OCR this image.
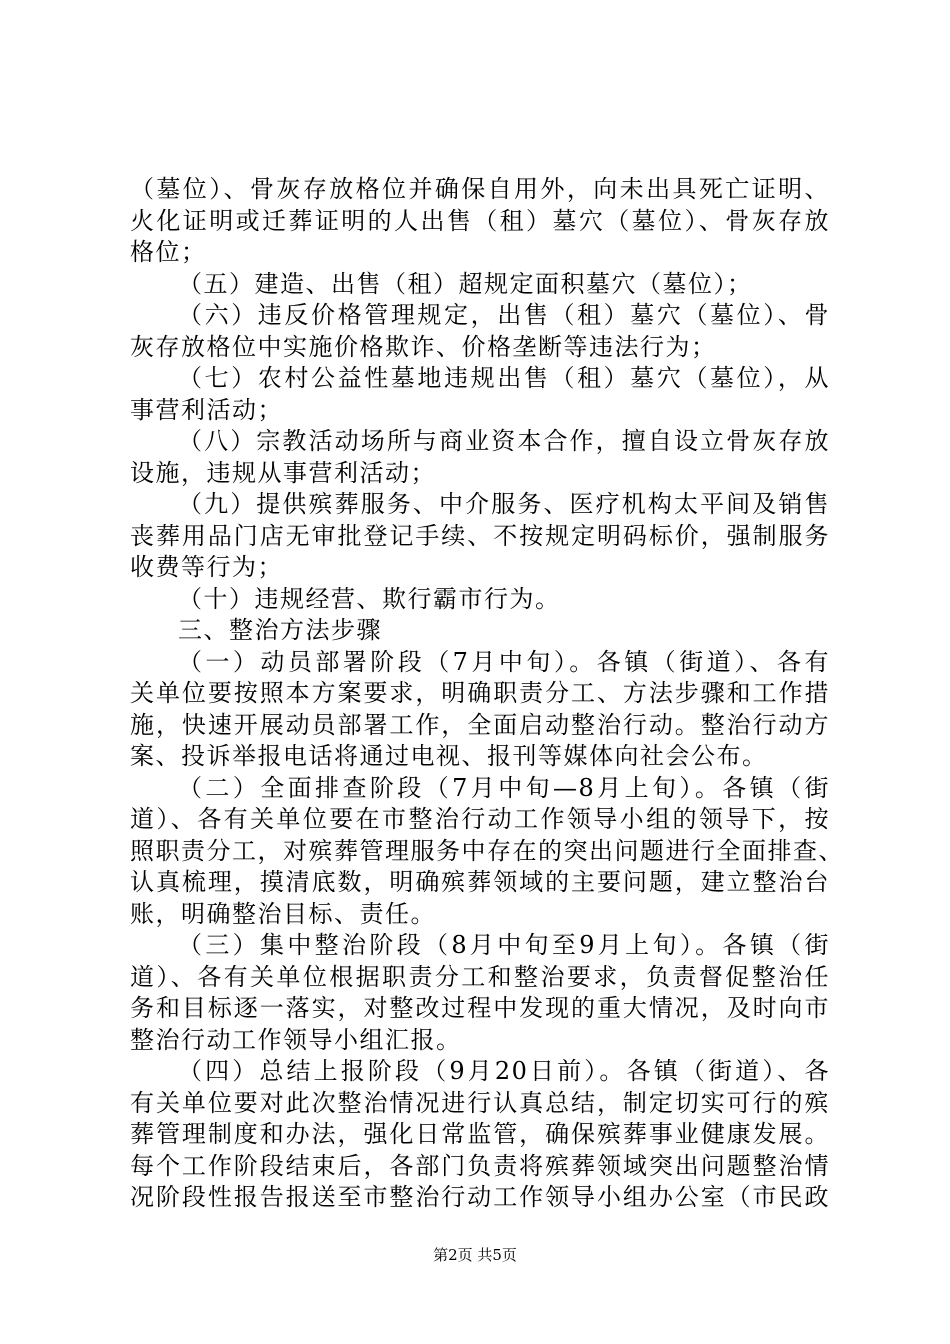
（墓位）、骨灰存放格位并确保自用外，向未出具死亡证明、
火化证明或迁葬证明的人出售（租）墓穴（墓位）、骨灰存放
格位；
（五）建造、出售（租）超规定面积墓穴（墓位）；
（六）违反价格管理规定，出售（租）墓穴（墓位）、骨
灰存放格位中实施价格欺诈、价格垄断等违法行为；
（七）农村公益性墓地违规出售（租）墓穴（墓位），从
事营利活动；
（八）宗教活动场所与商业资本合作，擅自设立骨灰存放
设施，违规从事营利活动；
（九）提供殡葬服务、中介服务、医疗机构太平间及销售
丧葬用品门店无审批登记手续、不按规定明码标价，强制服务
收费等行为；
（十）违规经营、欺行霸市行为。
三、整治方法步骤
（一）动员部署阶段（7月中旬）。各镇（街道）、各有
关单位要按照本方案要求，明确职责分工、方法步骤和工作措
施，快速开展动员部署工作，全面启动整治行动。整治行动方
案、投诉举报电话将通过电视、报刊等媒体向社会公布。
（二）全面排查阶段（7月中旬—8月上旬）。各镇（街
道）、各有关单位要在市整治行动工作领导小组的领导下，按
照职责分工，对殡葬管理服务中存在的突出问题进行全面排查、
认真梳理，摸清底数，明确殡葬领域的主要问题，建立整治台
账，明确整治目标、责任。
（三）集中整治阶段（8月中旬至9月上旬）。各镇（街
道）、各有关单位根据职责分工和整治要求，负责督促整治任
务和目标逐一落实，对整改过程中发现的重大情况，及时向市
整治行动工作领导小组汇报。
（四）总结上报阶段（9月20日前）。各镇（街道）、各
有关单位要对此次整治情况进行认真总结，制定切实可行的殡
葬管理制度和办法，强化日常监管，确保殡葬事业健康发展。
每个工作阶段结束后，各部门负责将殡葬领域突出问题整治情
况阶段性报告报送至市整治行动工作领导小组办公室（市民政
第2页 共5页
